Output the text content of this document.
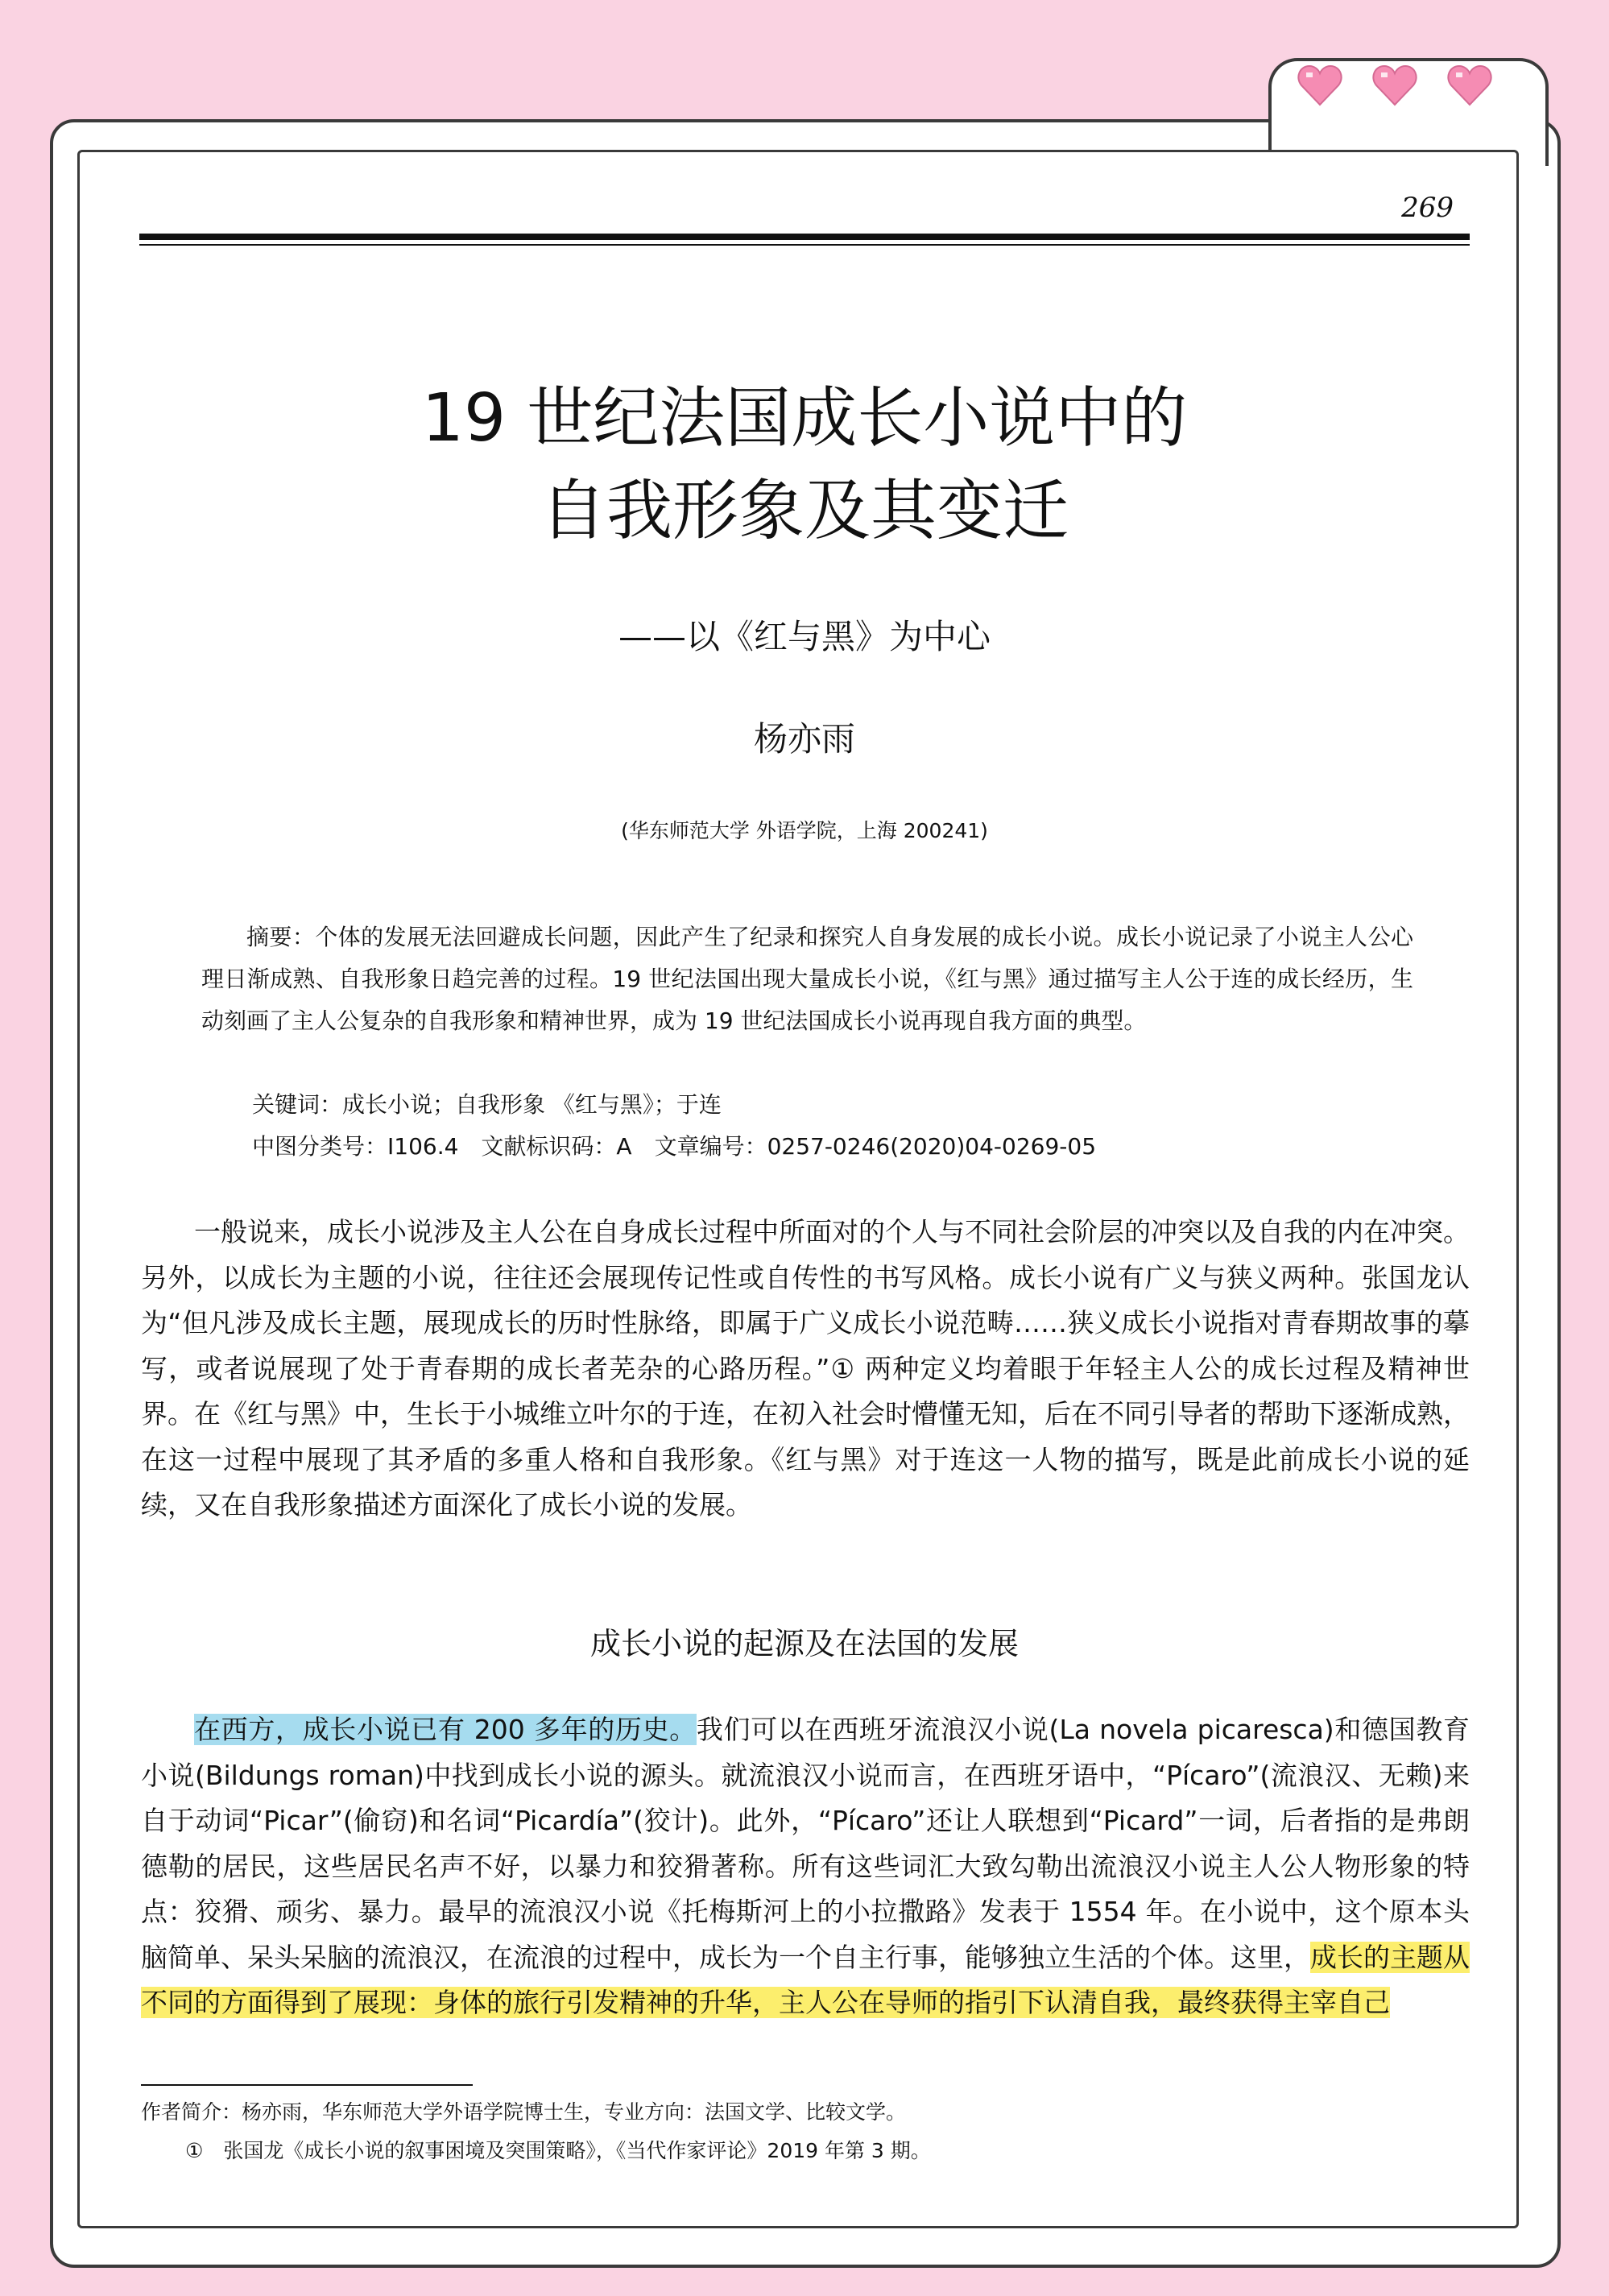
269
19 世纪法国成长小说中的
自我形象及其变迁
——以《红与黑》为中心
杨亦雨
(华东师范大学 外语学院，上海 200241)

摘要：个体的发展无法回避成长问题，因此产生了纪录和探究人自身发展的成长小说。成长小说记录了小说主人公心理日渐成熟、自我形象日趋完善的过程。19 世纪法国出现大量成长小说，《红与黑》通过描写主人公于连的成长经历，生动刻画了主人公复杂的自我形象和精神世界，成为 19 世纪法国成长小说再现自我方面的典型。

关键词：成长小说；自我形象 《红与黑》；于连
中图分类号：I106.4　文献标识码：A　文章编号：0257-0246(2020)04-0269-05

一般说来，成长小说涉及主人公在自身成长过程中所面对的个人与不同社会阶层的冲突以及自我的内在冲突。另外，以成长为主题的小说，往往还会展现传记性或自传性的书写风格。成长小说有广义与狭义两种。张国龙认为“但凡涉及成长主题，展现成长的历时性脉络，即属于广义成长小说范畴……狭义成长小说指对青春期故事的摹写，或者说展现了处于青春期的成长者芜杂的心路历程。”① 两种定义均着眼于年轻主人公的成长过程及精神世界。在《红与黑》中，生长于小城维立叶尔的于连，在初入社会时懵懂无知，后在不同引导者的帮助下逐渐成熟，在这一过程中展现了其矛盾的多重人格和自我形象。《红与黑》对于连这一人物的描写，既是此前成长小说的延续，又在自我形象描述方面深化了成长小说的发展。

成长小说的起源及在法国的发展

在西方，成长小说已有 200 多年的历史。我们可以在西班牙流浪汉小说(La novela picaresca)和德国教育小说(Bildungs roman)中找到成长小说的源头。就流浪汉小说而言，在西班牙语中，“Pícaro”(流浪汉、无赖)来自于动词“Picar”(偷窃)和名词“Picardía”(狡计)。此外，“Pícaro”还让人联想到“Picard”一词，后者指的是弗朗德勒的居民，这些居民名声不好，以暴力和狡猾著称。所有这些词汇大致勾勒出流浪汉小说主人公人物形象的特点：狡猾、顽劣、暴力。最早的流浪汉小说《托梅斯河上的小拉撒路》发表于 1554 年。在小说中，这个原本头脑简单、呆头呆脑的流浪汉，在流浪的过程中，成长为一个自主行事，能够独立生活的个体。这里，成长的主题从不同的方面得到了展现：身体的旅行引发精神的升华，主人公在导师的指引下认清自我，最终获得主宰自己

作者简介：杨亦雨，华东师范大学外语学院博士生，专业方向：法国文学、比较文学。
①　张国龙《成长小说的叙事困境及突围策略》，《当代作家评论》2019 年第 3 期。
